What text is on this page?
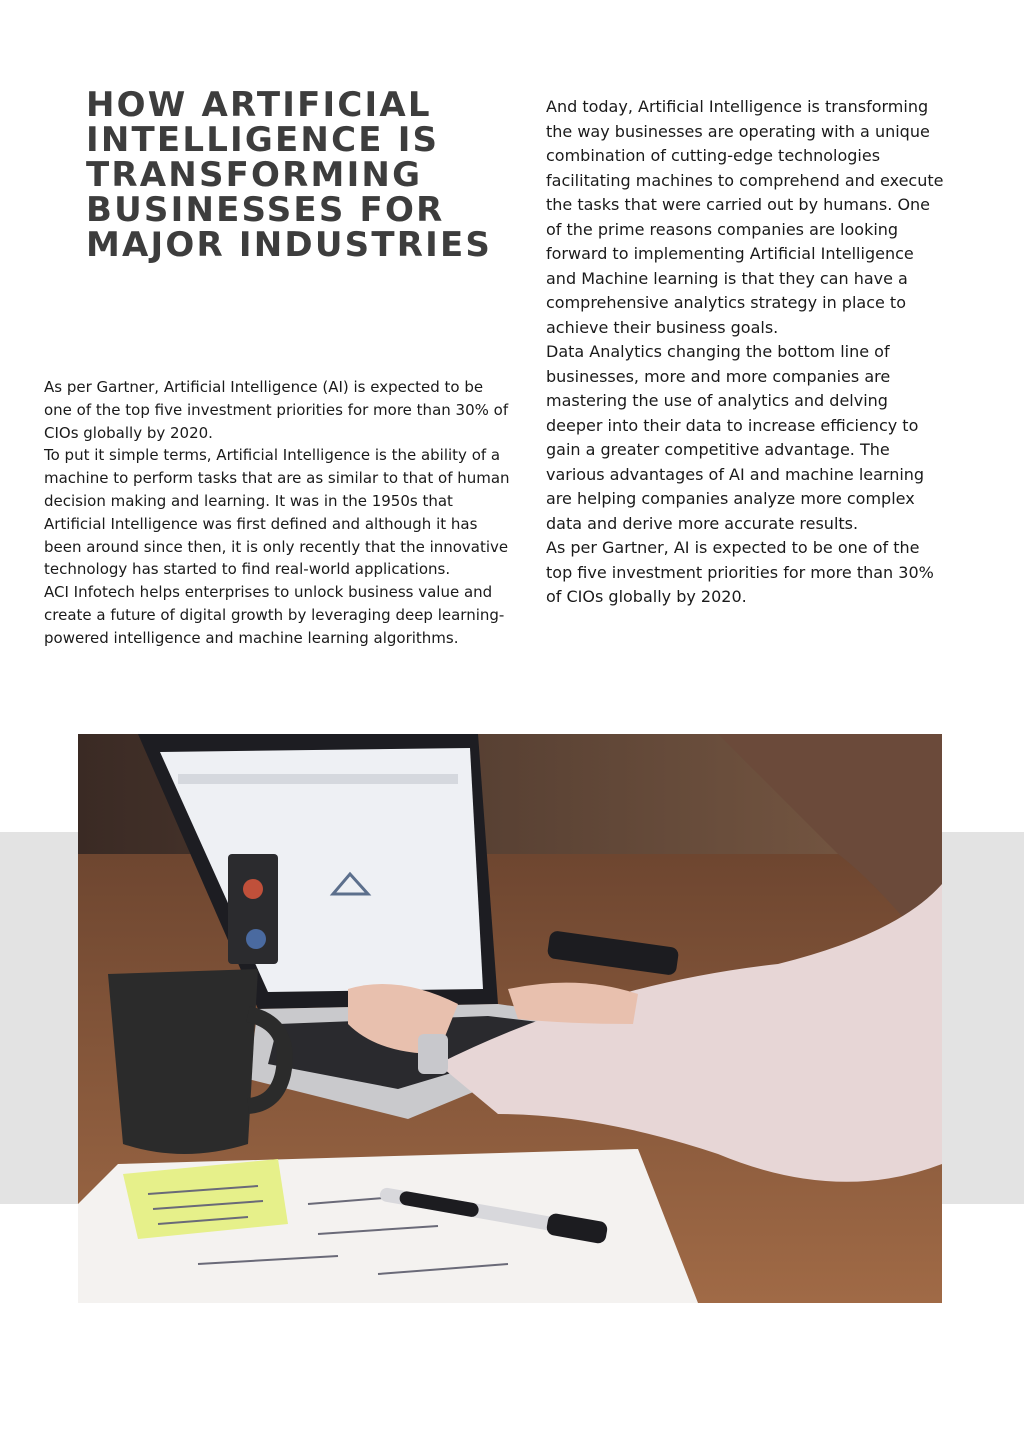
HOW ARTIFICIAL INTELLIGENCE IS TRANSFORMING BUSINESSES FOR MAJOR INDUSTRIES

As per Gartner, Artificial Intelligence (AI) is expected to be one of the top five investment priorities for more than 30% of CIOs globally by 2020.

To put it simple terms, Artificial Intelligence is the ability of a machine to perform tasks that are as similar to that of human decision making and learning. It was in the 1950s that Artificial Intelligence was first defined and although it has been around since then, it is only recently that the innovative technology has started to find real-world applications.

ACI Infotech helps enterprises to unlock business value and create a future of digital growth by leveraging deep learning-powered intelligence and machine learning algorithms.

And today, Artificial Intelligence is transforming the way businesses are operating with a unique combination of cutting-edge technologies facilitating machines to comprehend and execute the tasks that were carried out by humans. One of the prime reasons companies are looking forward to implementing Artificial Intelligence and Machine learning is that they can have a comprehensive analytics strategy in place to achieve their business goals.

Data Analytics changing the bottom line of businesses, more and more companies are mastering the use of analytics and delving deeper into their data to increase efficiency to gain a greater competitive advantage. The various advantages of AI and machine learning are helping companies analyze more complex data and derive more accurate results.

As per Gartner, AI is expected to be one of the top five investment priorities for more than 30% of CIOs globally by 2020.
